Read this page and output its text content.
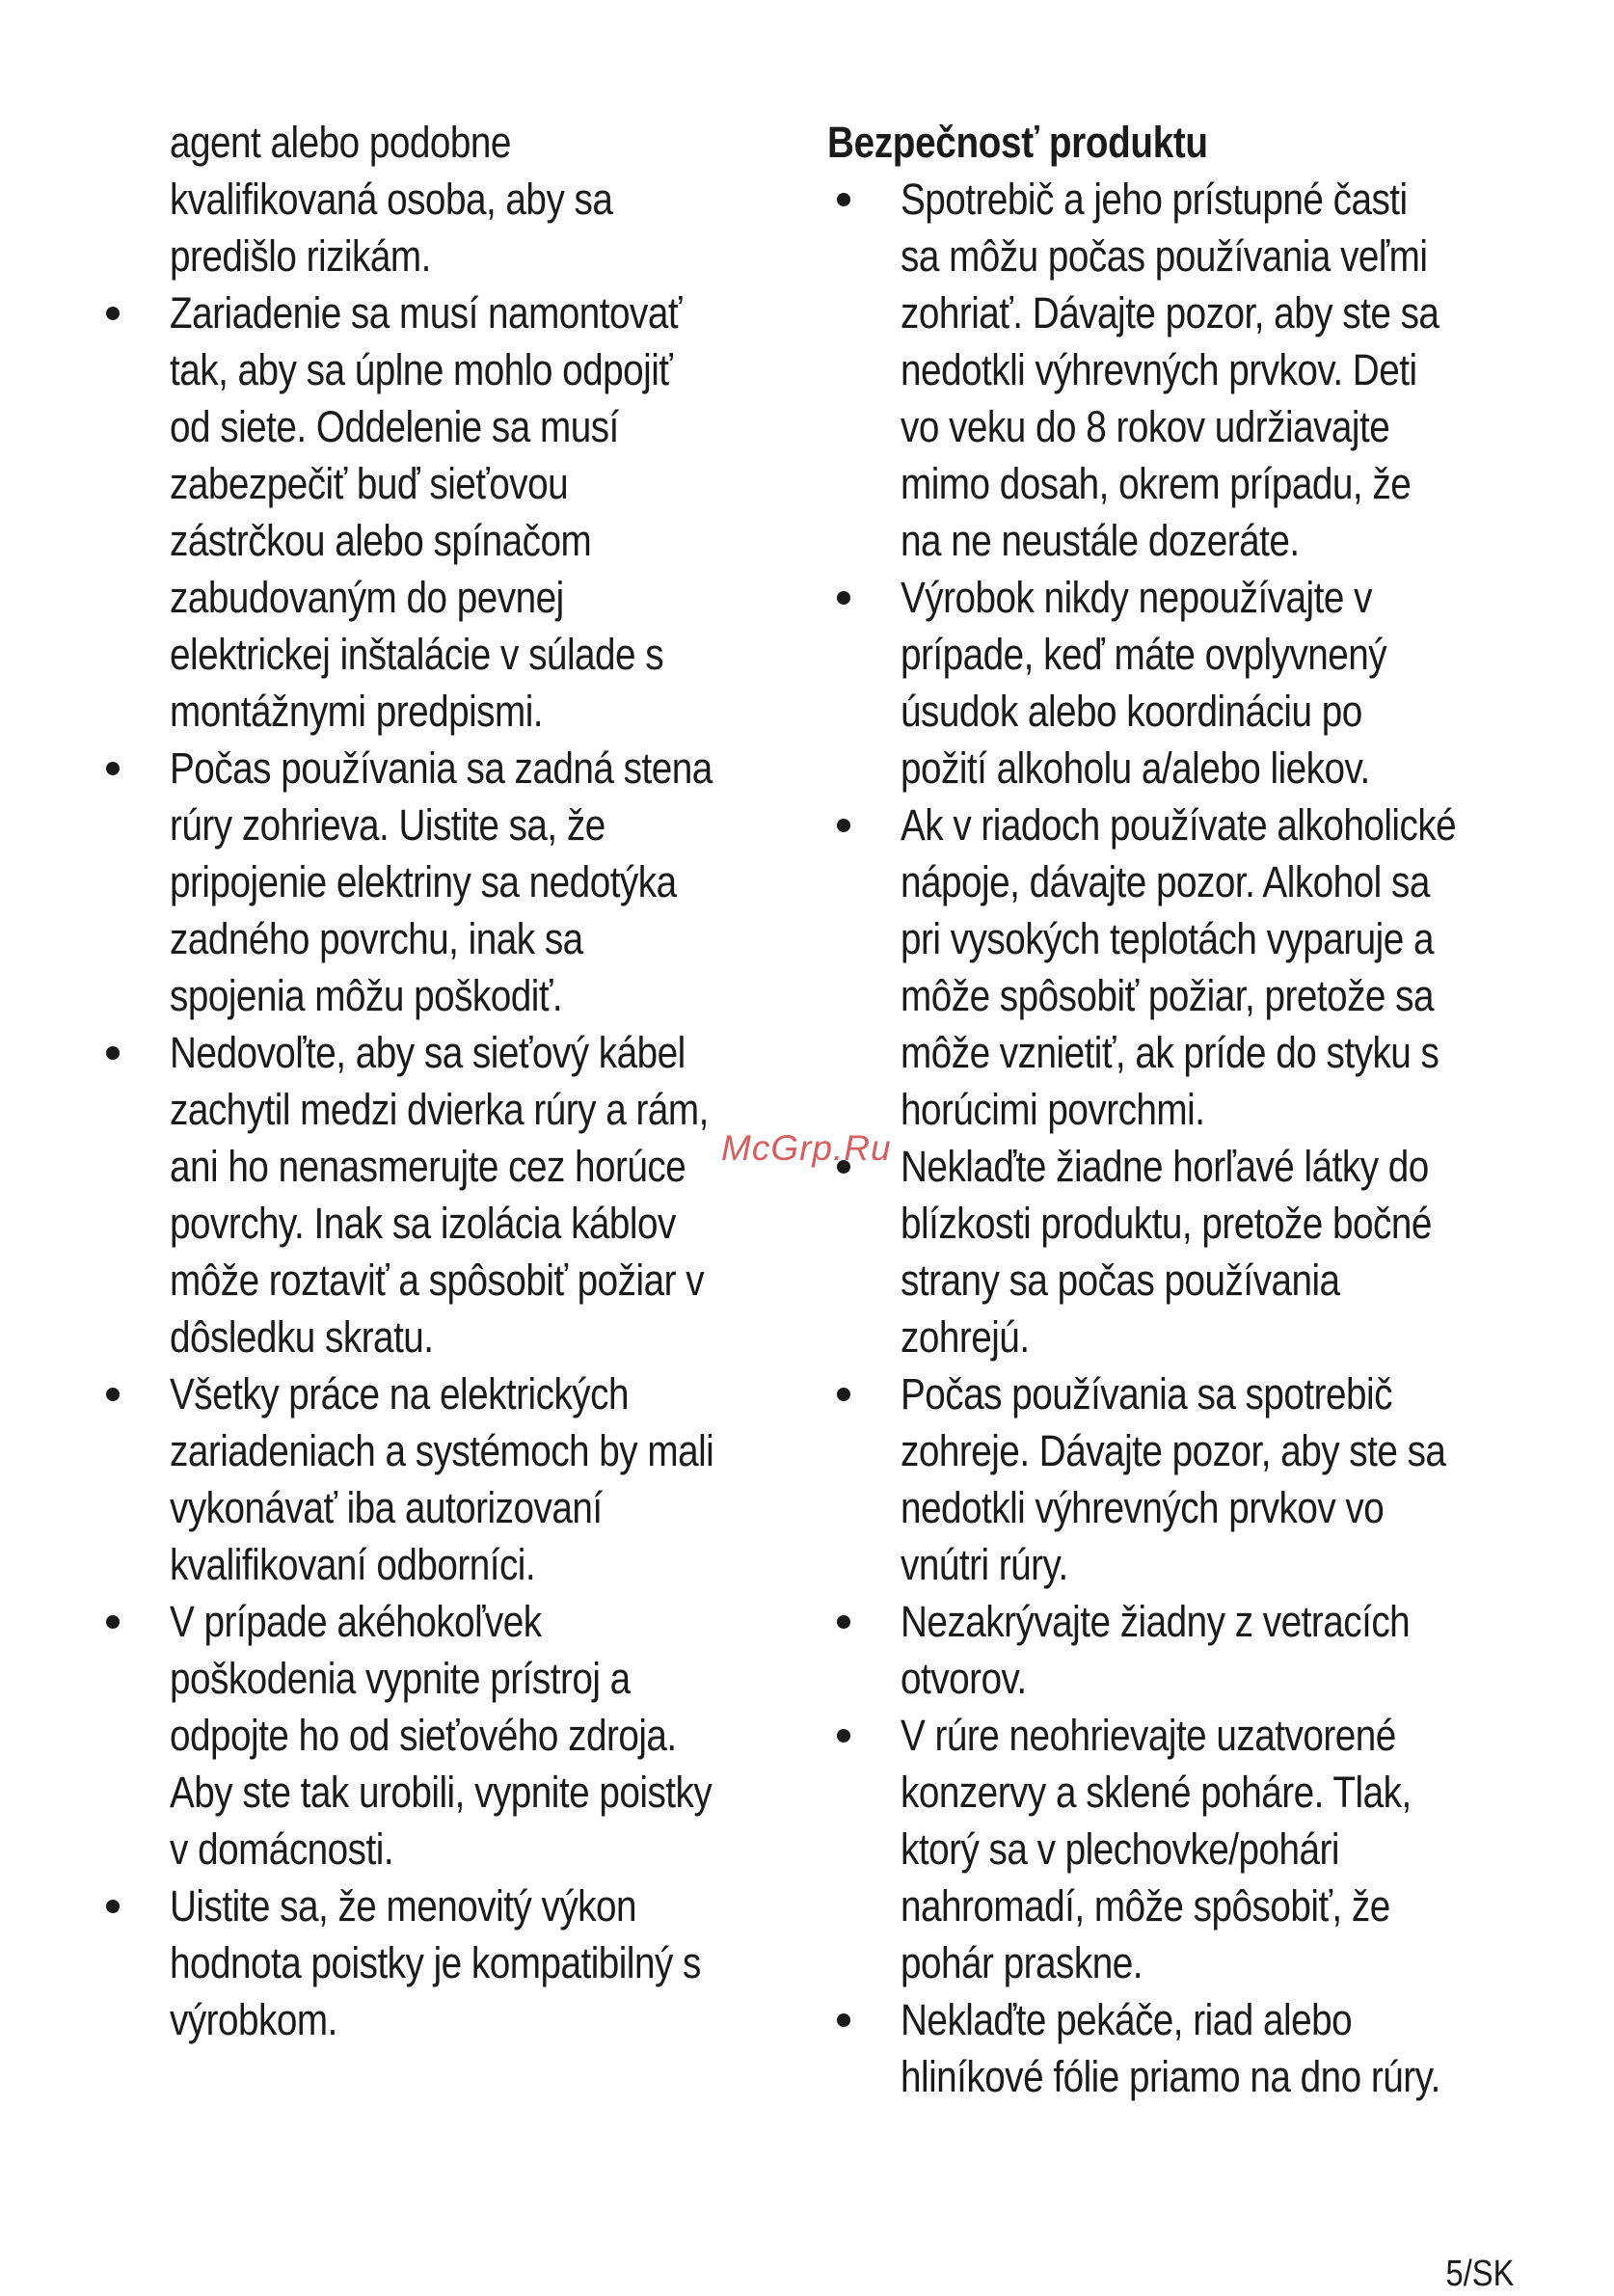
agent alebo podobne
kvalifikovaná osoba, aby sa
predišlo rizikám.
Zariadenie sa musí namontovať
tak, aby sa úplne mohlo odpojiť
od siete. Oddelenie sa musí
zabezpečiť buď sieťovou
zástrčkou alebo spínačom
zabudovaným do pevnej
elektrickej inštalácie v súlade s
montážnymi predpismi.
Počas používania sa zadná stena
rúry zohrieva. Uistite sa, že
pripojenie elektriny sa nedotýka
zadného povrchu, inak sa
spojenia môžu poškodiť.
Nedovoľte, aby sa sieťový kábel
zachytil medzi dvierka rúry a rám,
ani ho nenasmerujte cez horúce
povrchy. Inak sa izolácia káblov
môže roztaviť a spôsobiť požiar v
dôsledku skratu.
Všetky práce na elektrických
zariadeniach a systémoch by mali
vykonávať iba autorizovaní
kvalifikovaní odborníci.
V prípade akéhokoľvek
poškodenia vypnite prístroj a
odpojte ho od sieťového zdroja.
Aby ste tak urobili, vypnite poistky
v domácnosti.
Uistite sa, že menovitý výkon
hodnota poistky je kompatibilný s
výrobkom.
Bezpečnosť produktu
Spotrebič a jeho prístupné časti
sa môžu počas používania veľmi
zohriať. Dávajte pozor, aby ste sa
nedotkli výhrevných prvkov. Deti
vo veku do 8 rokov udržiavajte
mimo dosah, okrem prípadu, že
na ne neustále dozeráte.
Výrobok nikdy nepoužívajte v
prípade, keď máte ovplyvnený
úsudok alebo koordináciu po
požití alkoholu a/alebo liekov.
Ak v riadoch používate alkoholické
nápoje, dávajte pozor. Alkohol sa
pri vysokých teplotách vyparuje a
môže spôsobiť požiar, pretože sa
môže vznietiť, ak príde do styku s
horúcimi povrchmi.
Neklaďte žiadne horľavé látky do
blízkosti produktu, pretože bočné
strany sa počas používania
zohrejú.
Počas používania sa spotrebič
zohreje. Dávajte pozor, aby ste sa
nedotkli výhrevných prvkov vo
vnútri rúry.
Nezakrývajte žiadny z vetracích
otvorov.
V rúre neohrievajte uzatvorené
konzervy a sklené poháre. Tlak,
ktorý sa v plechovke/pohári
nahromadí, môže spôsobiť, že
pohár praskne.
Neklaďte pekáče, riad alebo
hliníkové fólie priamo na dno rúry.
McGrp.Ru
5/SK
